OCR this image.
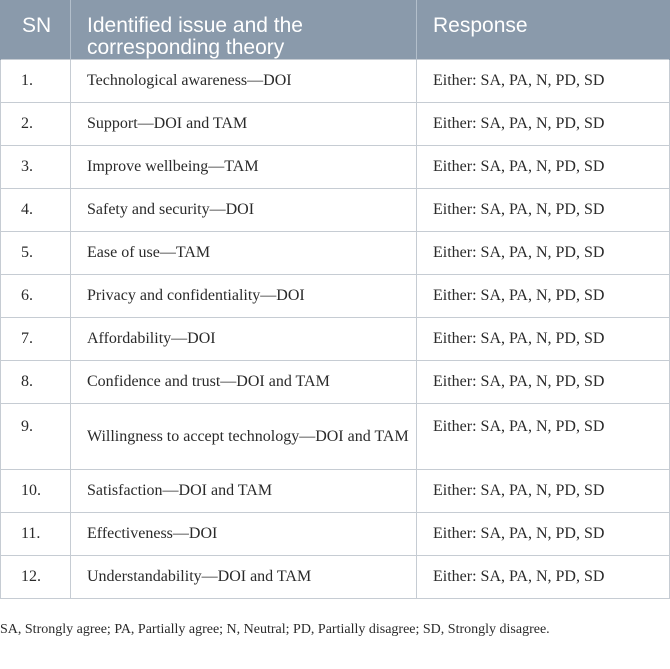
SN	Identified issue and the corresponding theory	Response
1.	Technological awareness—DOI	Either: SA, PA, N, PD, SD
2.	Support—DOI and TAM	Either: SA, PA, N, PD, SD
3.	Improve wellbeing—TAM	Either: SA, PA, N, PD, SD
4.	Safety and security—DOI	Either: SA, PA, N, PD, SD
5.	Ease of use—TAM	Either: SA, PA, N, PD, SD
6.	Privacy and confidentiality—DOI	Either: SA, PA, N, PD, SD
7.	Affordability—DOI	Either: SA, PA, N, PD, SD
8.	Confidence and trust—DOI and TAM	Either: SA, PA, N, PD, SD
9.	Willingness to accept technology—DOI and TAM	Either: SA, PA, N, PD, SD
10.	Satisfaction—DOI and TAM	Either: SA, PA, N, PD, SD
11.	Effectiveness—DOI	Either: SA, PA, N, PD, SD
12.	Understandability—DOI and TAM	Either: SA, PA, N, PD, SD
SA, Strongly agree; PA, Partially agree; N, Neutral; PD, Partially disagree; SD, Strongly disagree.
